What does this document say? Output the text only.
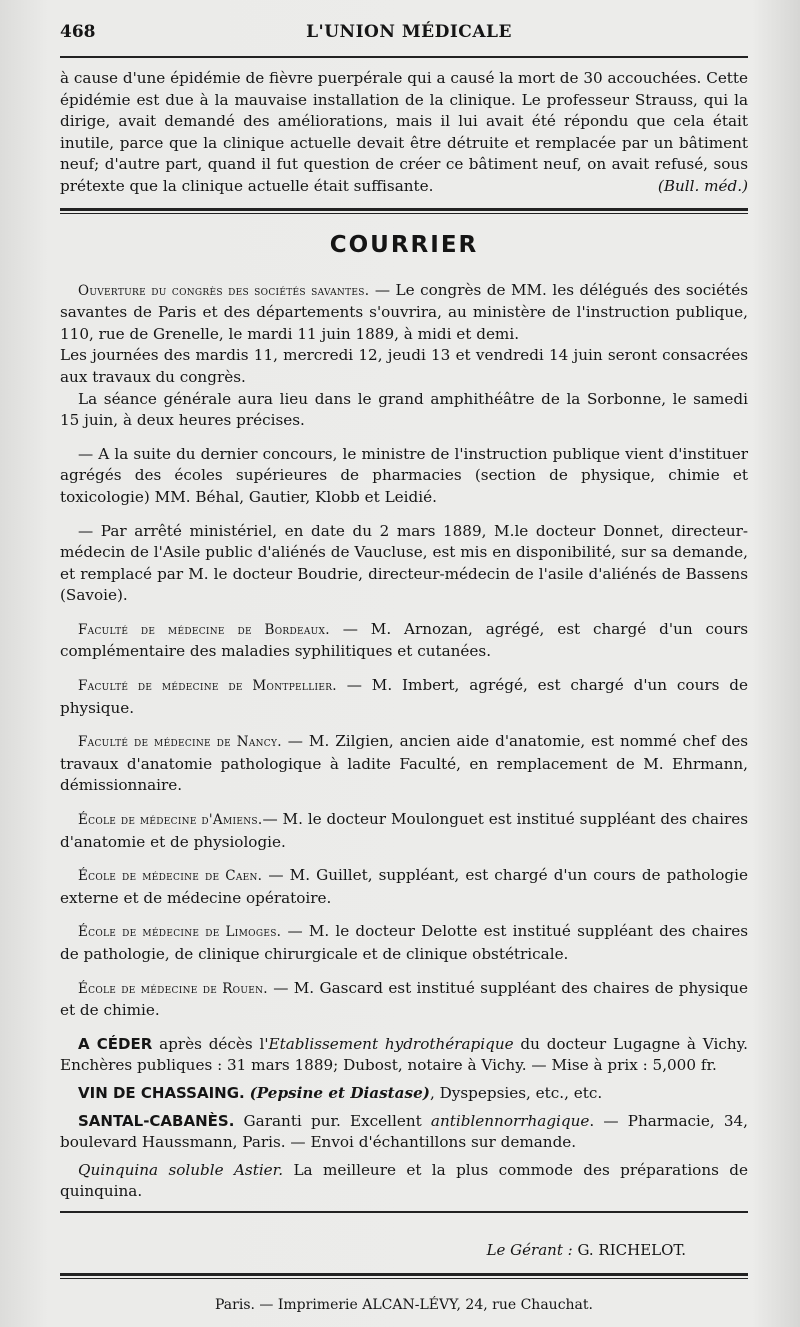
468	L'UNION MÉDICALE

à cause d'une épidémie de fièvre puerpérale qui a causé la mort de 30 accouchées. Cette épidémie est due à la mauvaise installation de la clinique. Le professeur Strauss, qui la dirige, avait demandé des améliorations, mais il lui avait été répondu que cela était inutile, parce que la clinique actuelle devait être détruite et remplacée par un bâtiment neuf; d'autre part, quand il fut question de créer ce bâtiment neuf, on avait refusé, sous prétexte que la clinique actuelle était suffisante.	(Bull. méd.)

COURRIER

Ouverture du congrès des sociétés savantes. — Le congrès de MM. les délégués des sociétés savantes de Paris et des départements s'ouvrira, au ministère de l'instruction publique, 110, rue de Grenelle, le mardi 11 juin 1889, à midi et demi.

Les journées des mardis 11, mercredi 12, jeudi 13 et vendredi 14 juin seront consacrées aux travaux du congrès.

La séance générale aura lieu dans le grand amphithéâtre de la Sorbonne, le samedi 15 juin, à deux heures précises.

— A la suite du dernier concours, le ministre de l'instruction publique vient d'instituer agrégés des écoles supérieures de pharmacies (section de physique, chimie et toxicologie) MM. Béhal, Gautier, Klobb et Leidié.

— Par arrêté ministériel, en date du 2 mars 1889, M.le docteur Donnet, directeur-médecin de l'Asile public d'aliénés de Vaucluse, est mis en disponibilité, sur sa demande, et remplacé par M. le docteur Boudrie, directeur-médecin de l'asile d'aliénés de Bassens (Savoie).

Faculté de médecine de Bordeaux. — M. Arnozan, agrégé, est chargé d'un cours complémentaire des maladies syphilitiques et cutanées.

Faculté de médecine de Montpellier. — M. Imbert, agrégé, est chargé d'un cours de physique.

Faculté de médecine de Nancy. — M. Zilgien, ancien aide d'anatomie, est nommé chef des travaux d'anatomie pathologique à ladite Faculté, en remplacement de M. Ehrmann, démissionnaire.

École de médecine d'Amiens.— M. le docteur Moulonguet est institué suppléant des chaires d'anatomie et de physiologie.

École de médecine de Caen. — M. Guillet, suppléant, est chargé d'un cours de pathologie externe et de médecine opératoire.

École de médecine de Limoges. — M. le docteur Delotte est institué suppléant des chaires de pathologie, de clinique chirurgicale et de clinique obstétricale.

École de médecine de Rouen. — M. Gascard est institué suppléant des chaires de physique et de chimie.

A CÉDER après décès l'Etablissement hydrothérapique du docteur Lugagne à Vichy. Enchères publiques : 31 mars 1889; Dubost, notaire à Vichy. — Mise à prix : 5,000 fr.

VIN DE CHASSAING. (Pepsine et Diastase), Dyspepsies, etc., etc.

SANTAL-CABANÈS. Garanti pur. Excellent antiblennorrhagique. — Pharmacie, 34, boulevard Haussmann, Paris. — Envoi d'échantillons sur demande.

Quinquina soluble Astier. La meilleure et la plus commode des préparations de quinquina.

Le Gérant : G. RICHELOT.
Paris. — Imprimerie ALCAN-LÉVY, 24, rue Chauchat.
